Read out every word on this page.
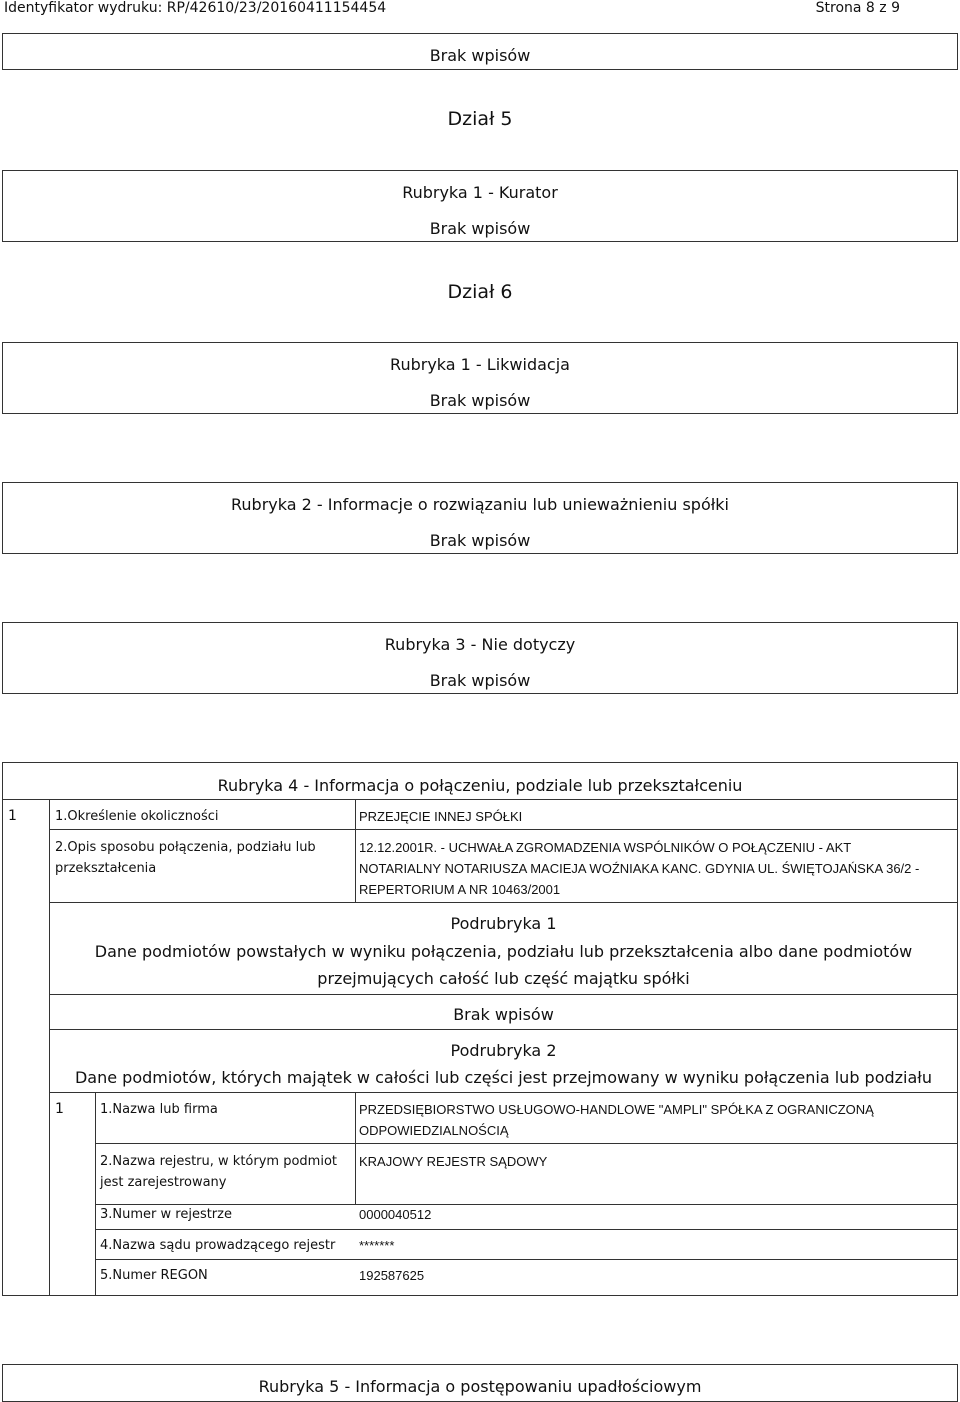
Identyfikator wydruku: RP/42610/23/20160411154454	Strona 8 z 9
Brak wpisów
Dział 5
Rubryka 1 - Kurator
Brak wpisów
Dział 6
Rubryka 1 - Likwidacja
Brak wpisów
Rubryka 2 - Informacje o rozwiązaniu lub unieważnieniu spółki
Brak wpisów
Rubryka 3 - Nie dotyczy
Brak wpisów
Rubryka 4 - Informacja o połączeniu, podziale lub przekształceniu
1	1.Określenie okoliczności	PRZEJĘCIE INNEJ SPÓŁKI
2.Opis sposobu połączenia, podziału lub
przekształcenia
12.12.2001R. - UCHWAŁA ZGROMADZENIA WSPÓLNIKÓW O POŁĄCZENIU - AKT
NOTARIALNY NOTARIUSZA MACIEJA WOŹNIAKA KANC. GDYNIA UL. ŚWIĘTOJAŃSKA 36/2 -
REPERTORIUM A NR 10463/2001
Podrubryka 1
Dane podmiotów powstałych w wyniku połączenia, podziału lub przekształcenia albo dane podmiotów
przejmujących całość lub część majątku spółki
Brak wpisów
Podrubryka 2
Dane podmiotów, których majątek w całości lub części jest przejmowany w wyniku połączenia lub podziału
1	1.Nazwa lub firma	PRZEDSIĘBIORSTWO USŁUGOWO-HANDLOWE "AMPLI" SPÓŁKA Z OGRANICZONĄ
ODPOWIEDZIALNOŚCIĄ
2.Nazwa rejestru, w którym podmiot
jest zarejestrowany
KRAJOWY REJESTR SĄDOWY
3.Numer w rejestrze	0000040512
4.Nazwa sądu prowadzącego rejestr *******
5.Numer REGON	192587625
Rubryka 5 - Informacja o postępowaniu upadłościowym
